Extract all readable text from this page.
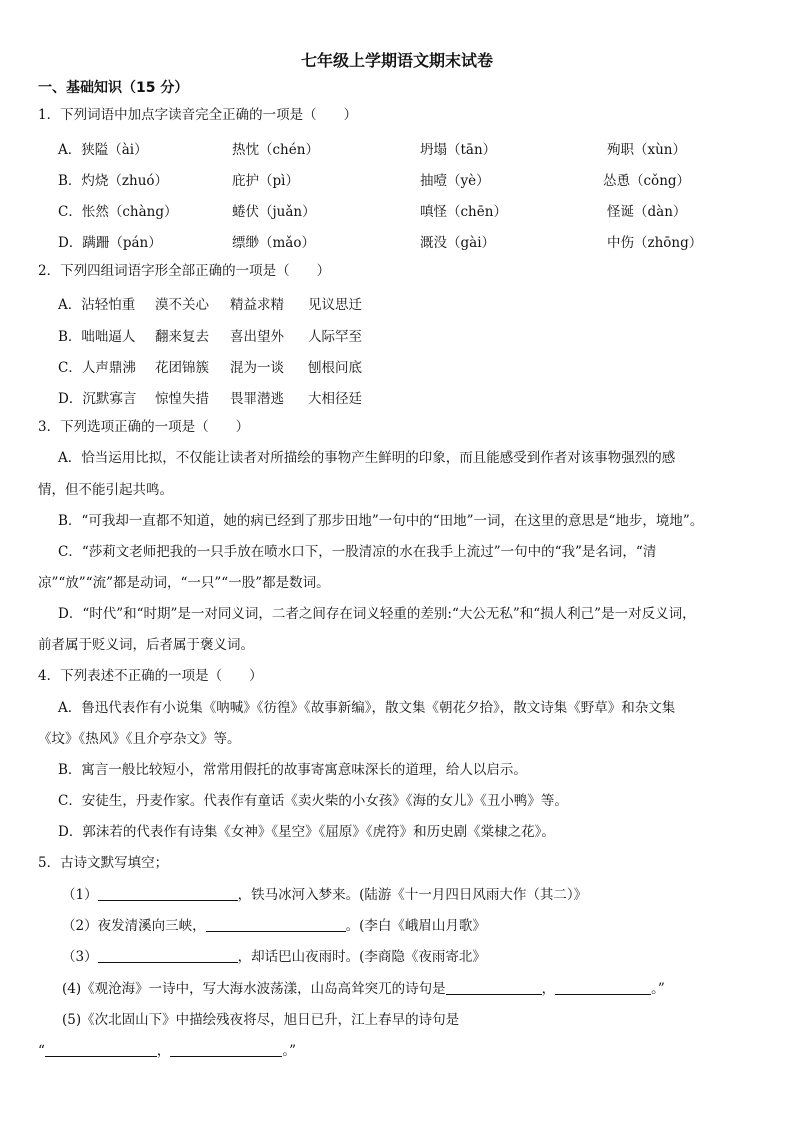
七年级上学期语文期末试卷
一、基础知识（15 分）
1．下列词语中加点字读音完全正确的一项是（　　）
A．狭隘（ài）	热忱（chén）	坍塌（tān）	殉职（xùn）
B．灼烧（zhuó）	庇护（pì）	抽噎（yè）	怂恿（cǒng）
C．怅然（chàng）	蜷伏（juǎn）	嗔怪（chēn）	怪诞（dàn）
D．蹒跚（pán）	缥缈（mǎo）	溉没（gài）	中伤（zhōng）
2．下列四组词语字形全部正确的一项是（　　）
A．沾轻怕重 漠不关心 精益求精 见议思迁
B．咄咄逼人 翻来复去 喜出望外 人际罕至
C．人声鼎沸 花团锦簇 混为一谈 刨根问底
D．沉默寡言 惊惶失措 畏罪潜逃 大相径廷
3．下列选项正确的一项是（　　）
A．恰当运用比拟，不仅能让读者对所描绘的事物产生鲜明的印象，而且能感受到作者对该事物强烈的感
情，但不能引起共鸣。
B．“可我却一直都不知道，她的病已经到了那步田地”一句中的“田地”一词，在这里的意思是“地步，境地”。
C．“莎莉文老师把我的一只手放在喷水口下，一股清凉的水在我手上流过”一句中的“我”是名词，“清
凉”“放”“流”都是动词，“一只”“一股”都是数词。
D．“时代”和“时期”是一对同义词，二者之间存在词义轻重的差别:“大公无私”和“损人利己”是一对反义词，
前者属于贬义词，后者属于褒义词。
4．下列表述不正确的一项是（　　）
A．鲁迅代表作有小说集《呐喊》《彷徨》《故事新编》，散文集《朝花夕拾》，散文诗集《野草》和杂文集
《坟》《热风》《且介亭杂文》等。
B．寓言一般比较短小，常常用假托的故事寄寓意味深长的道理，给人以启示。
C．安徒生，丹麦作家。代表作有童话《卖火柴的小女孩》《海的女儿》《丑小鸭》等。
D．郭沫若的代表作有诗集《女神》《星空》《屈原》《虎符》和历史剧《棠棣之花》。
5．古诗文默写填空；
（1）	，铁马冰河入梦来。(陆游《十一月四日风雨大作（其二）》
（2）夜发清溪向三峡，	。(李白《峨眉山月歌》
（3）	，却话巴山夜雨时。(李商隐《夜雨寄北》
(4)《观沧海》一诗中，写大海水波荡漾，山岛高耸突兀的诗句是	，	。”
(5)《次北固山下》中描绘残夜将尽，旭日已升，江上春早的诗句是
“	，	。”
